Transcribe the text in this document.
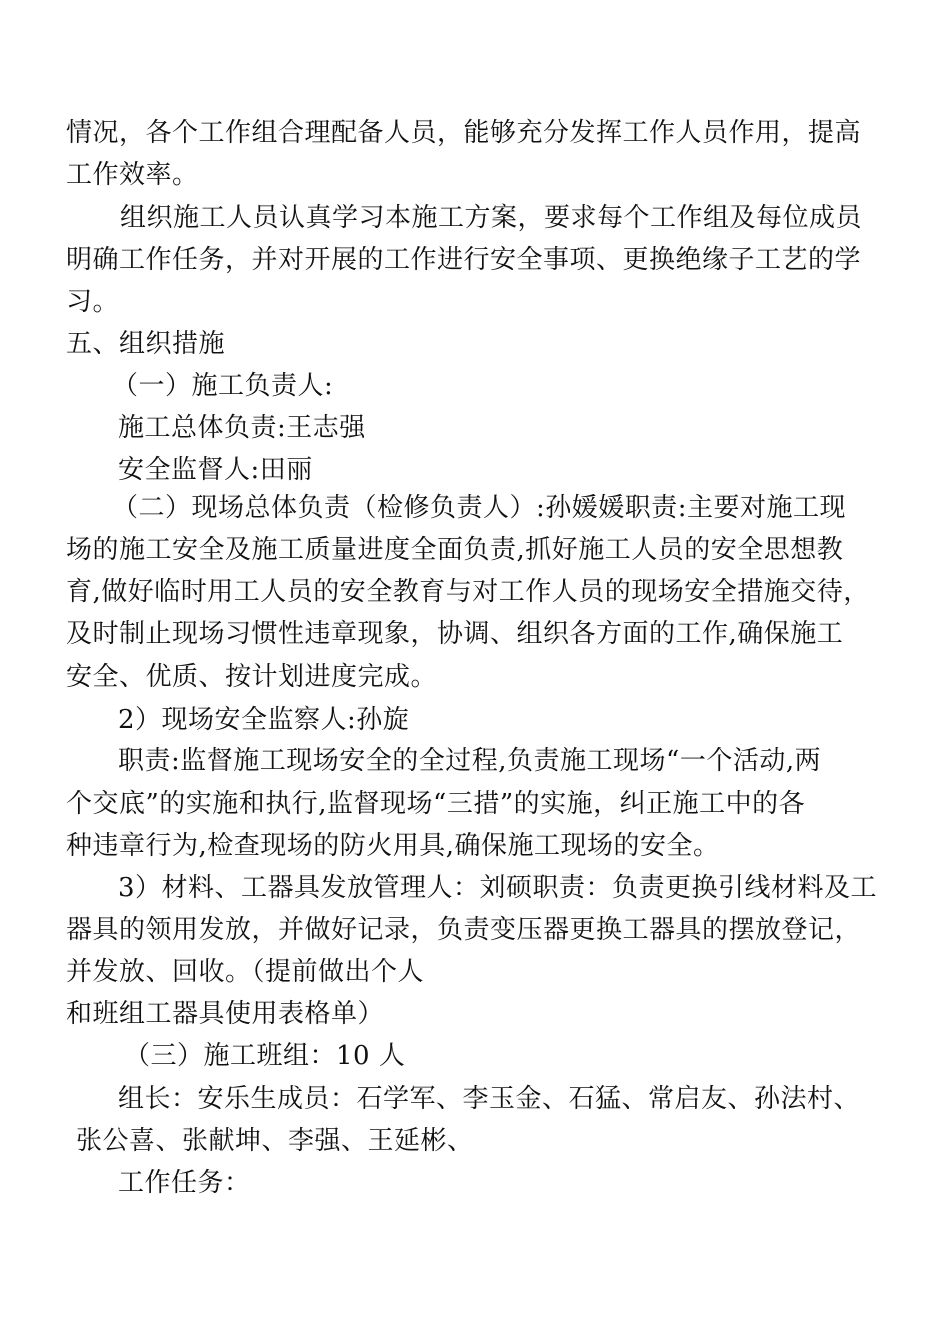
情况，各个工作组合理配备人员，能够充分发挥工作人员作用，提高
工作效率。
组织施工人员认真学习本施工方案，要求每个工作组及每位成员
明确工作任务，并对开展的工作进行安全事项、更换绝缘子工艺的学
习。
五、组织措施
（一）施工负责人:
施工总体负责:王志强
安全监督人:田丽
（二）现场总体负责（检修负责人）:孙媛媛职责:主要对施工现
场的施工安全及施工质量进度全面负责,抓好施工人员的安全思想教
育,做好临时用工人员的安全教育与对工作人员的现场安全措施交待，
及时制止现场习惯性违章现象，协调、组织各方面的工作,确保施工
安全、优质、按计划进度完成。
2）现场安全监察人:孙旋
职责:监督施工现场安全的全过程,负责施工现场“一个活动,两
个交底”的实施和执行,监督现场“三措”的实施，纠正施工中的各
种违章行为,检查现场的防火用具,确保施工现场的安全。
3）材料、工器具发放管理人：刘硕职责：负责更换引线材料及工
器具的领用发放，并做好记录，负责变压器更换工器具的摆放登记，
并发放、回收。（提前做出个人
和班组工器具使用表格单）
（三）施工班组：10 人
组长：安乐生成员：石学军、李玉金、石猛、常启友、孙法村、
张公喜、张献坤、李强、王延彬、
工作任务：
